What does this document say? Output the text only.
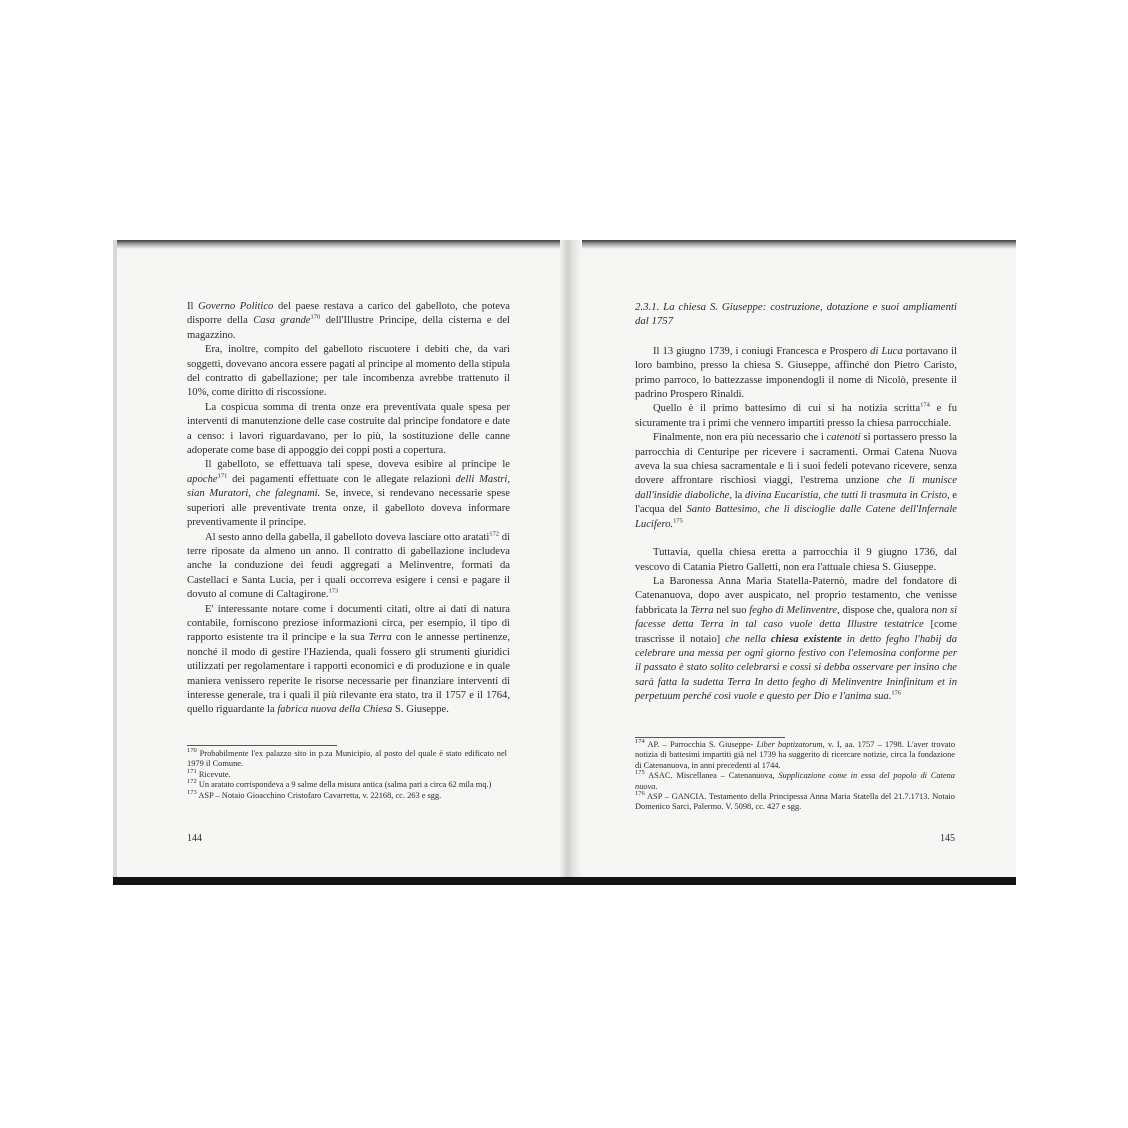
Il Governo Politico del paese restava a carico del gabelloto, che poteva disporre della Casa grande$^{170}$ dell'Illustre Principe, della cisterna e del magazzino.

Era, inoltre, compito del gabelloto riscuotere i debiti che, da vari soggetti, dovevano ancora essere pagati al principe al momento della stipula del contratto di gabellazione; per tale incombenza avrebbe trattenuto il 10%, come diritto di riscossione.

La cospicua somma di trenta onze era preventivata quale spesa per interventi di manutenzione delle case costruite dal principe fondatore e date a censo: i lavori riguardavano, per lo più, la sostituzione delle canne adoperate come base di appoggio dei coppi posti a copertura.

Il gabelloto, se effettuava tali spese, doveva esibire al principe le apoche$^{171}$ dei pagamenti effettuate con le allegate relazioni delli Mastri, sian Muratori, che falegnami. Se, invece, si rendevano necessarie spese superiori alle preventivate trenta onze, il gabelloto doveva informare preventivamente il principe.

Al sesto anno della gabella, il gabelloto doveva lasciare otto aratati$^{172}$ di terre riposate da almeno un anno. Il contratto di gabellazione includeva anche la conduzione dei feudi aggregati a Melinventre, formati da Castellaci e Santa Lucia, per i quali occorreva esigere i censi e pagare il dovuto al comune di Caltagirone.$^{173}$

E' interessante notare come i documenti citati, oltre ai dati di natura contabile, forniscono preziose informazioni circa, per esempio, il tipo di rapporto esistente tra il principe e la sua Terra con le annesse pertinenze, nonché il modo di gestire l'Hazienda, quali fossero gli strumenti giuridici utilizzati per regolamentare i rapporti economici e di produzione e in quale maniera venissero reperite le risorse necessarie per finanziare interventi di interesse generale, tra i quali il più rilevante era stato, tra il 1757 e il 1764, quello riguardante la fabrica nuova della Chiesa S. Giuseppe.

$^{170}$ Probabilmente l'ex palazzo sito in p.za Municipio, al posto del quale è stato edificato nel 1979 il Comune.
$^{171}$ Ricevute.
$^{172}$ Un aratato corrispondeva a 9 salme della misura antica (salma pari a circa 62 mila mq.)
$^{173}$ ASP – Notaio Gioacchino Cristofaro Cavarretta, v. 22168, cc. 263 e sgg.
144
2.3.1. La chiesa S. Giuseppe: costruzione, dotazione e suoi ampliamenti dal 1757

Il 13 giugno 1739, i coniugi Francesca e Prospero di Luca portavano il loro bambino, presso la chiesa S. Giuseppe, affinché don Pietro Caristo, primo parroco, lo battezzasse imponendogli il nome di Nicolò, presente il padrino Prospero Rinaldi.

Quello è il primo battesimo di cui si ha notizia scritta$^{174}$ e fu sicuramente tra i primi che vennero impartiti presso la chiesa parrocchiale.

Finalmente, non era più necessario che i catenoti si portassero presso la parrocchia di Centuripe per ricevere i sacramenti. Ormai Catena Nuova aveva la sua chiesa sacramentale e lì i suoi fedeli potevano ricevere, senza dovere affrontare rischiosi viaggi, l'estrema unzione che li munisce dall'insidie diaboliche, la divina Eucaristia, che tutti li trasmuta in Cristo, e l'acqua del Santo Battesimo, che li discioglie dalle Catene dell'Infernale Lucifero.$^{175}$

Tuttavia, quella chiesa eretta a parrocchia il 9 giugno 1736, dal vescovo di Catania Pietro Galletti, non era l'attuale chiesa S. Giuseppe.

La Baronessa Anna Maria Statella-Paternò, madre del fondatore di Catenanuova, dopo aver auspicato, nel proprio testamento, che venisse fabbricata la Terra nel suo fegho di Melinventre, dispose che, qualora non si facesse detta Terra in tal caso vuole detta Illustre testatrice [come trascrisse il notaio] che nella chiesa existente in detto fegho l'habij da celebrare una messa per ogni giorno festivo con l'elemosina conforme per il passato è stato solito celebrarsi e cossì si debba osservare per insino che sarà fatta la sudetta Terra In detto fegho di Melinventre Ininfinitum et in perpetuum perché così vuole e questo per Dio e l'anima sua.$^{176}$

$^{174}$ AP. – Parrocchia S. Giuseppe- Liber baptizatorum, v. I, aa. 1757 – 1798. L'aver trovato notizia di battesimi impartiti già nel 1739 ha suggerito di ricercare notizie, circa la fondazione di Catenanuova, in anni precedenti al 1744.
$^{175}$ ASAC. Miscellanea – Catenanuova, Supplicazione come in essa del popolo di Catena nuova.
$^{176}$ ASP – GANCIA. Testamento della Principessa Anna Maria Statella del 21.7.1713. Notaio Domenico Sarci, Palermo. V. 5098, cc. 427 e sgg.
145
